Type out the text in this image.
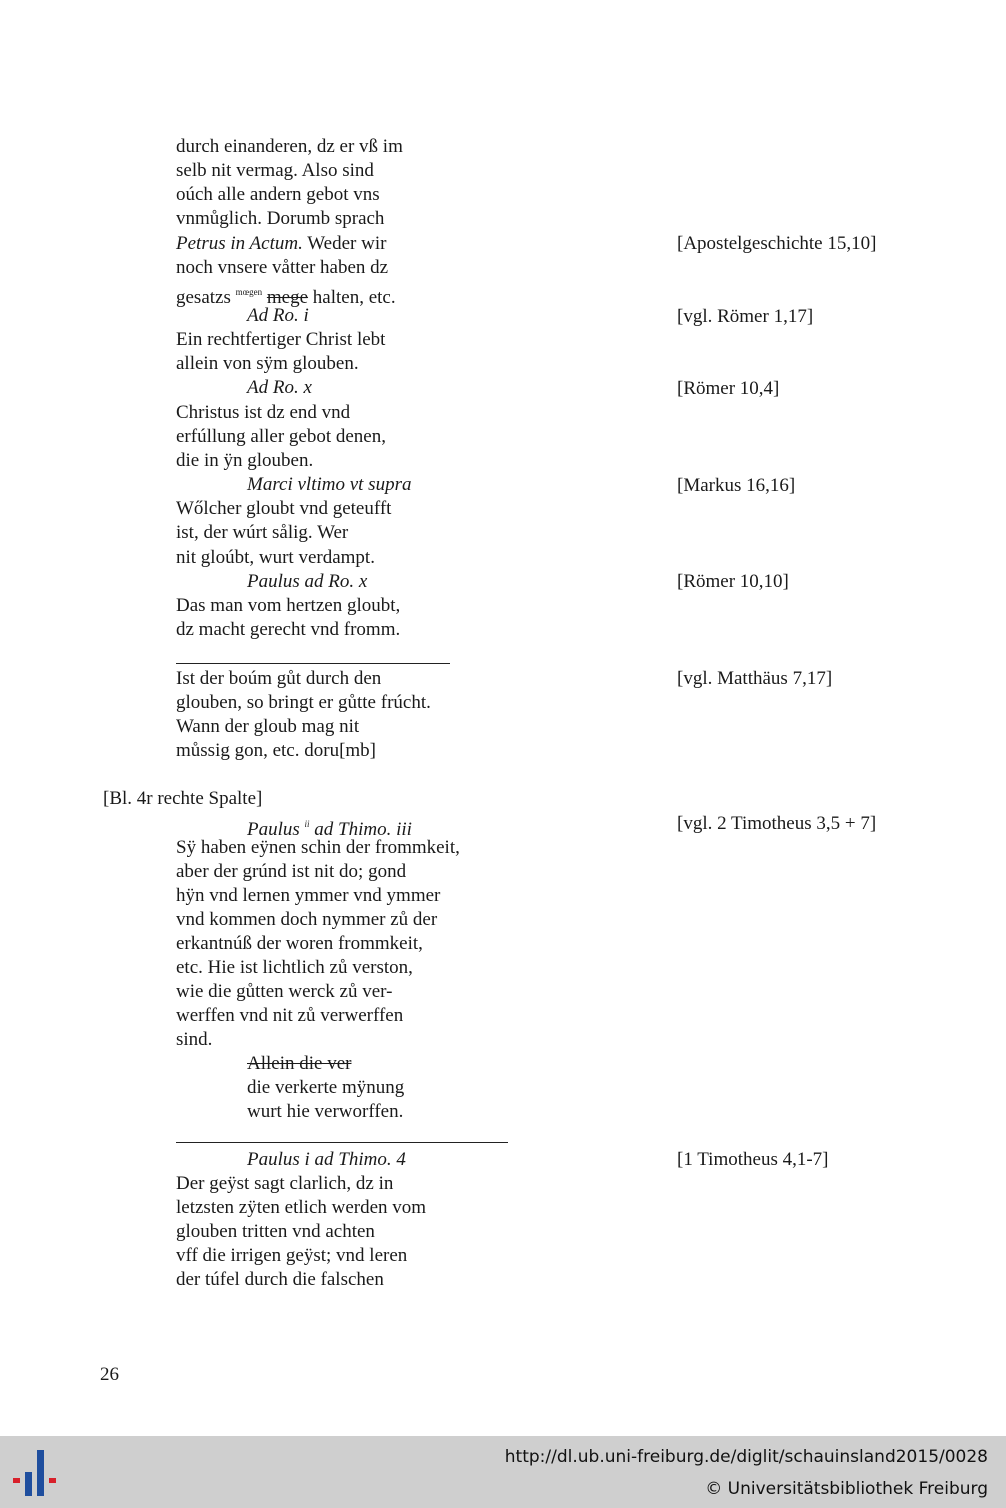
durch einanderen, dz er vß im
selb nit vermag. Also sind
oúch alle andern gebot vns
vnmůglich. Dorumb sprach
Petrus in Actum. Weder wir
noch vnsere våtter haben dz
gesatzs $^{mœgen}$ mege halten, etc.
Ad Ro. i
Ein rechtfertiger Christ lebt
allein von sÿm glouben.
Ad Ro. x
Christus ist dz end vnd
erfúllung aller gebot denen,
die in ÿn glouben.
Marci vltimo vt supra
Wőlcher gloubt vnd geteufft
ist, der wúrt sålig. Wer
nit gloúbt, wurt verdampt.
Paulus ad Ro. x
Das man vom hertzen gloubt,
dz macht gerecht vnd fromm.
Ist der boúm gůt durch den
glouben, so bringt er gůtte frúcht.
Wann der gloub mag nit
můssig gon, etc. doru[mb]
[Bl. 4r rechte Spalte]
Paulus $^{ii}$ ad Thimo. iii
Sÿ haben eÿnen schin der frommkeit,
aber der grúnd ist nit do; gond
hÿn vnd lernen ymmer vnd ymmer
vnd kommen doch nymmer zů der
erkantnúß der woren frommkeit,
etc. Hie ist lichtlich zů verston,
wie die gůtten werck zů ver-
werffen vnd nit zů verwerffen
sind.
Allein die ver
die verkerte mÿnung
wurt hie verworffen.
Paulus i ad Thimo. 4
Der geÿst sagt clarlich, dz in
letzsten zÿten etlich werden vom
glouben tritten vnd achten
vff die irrigen geÿst; vnd leren
der túfel durch die falschen
[Apostelgeschichte 15,10]
[vgl. Römer 1,17]
[Römer 10,4]
[Markus 16,16]
[Römer 10,10]
[vgl. Matthäus 7,17]
[vgl. 2 Timotheus 3,5 + 7]
[1 Timotheus 4,1-7]
26
http://dl.ub.uni-freiburg.de/diglit/schauinsland2015/0028
© Universitätsbibliothek Freiburg
